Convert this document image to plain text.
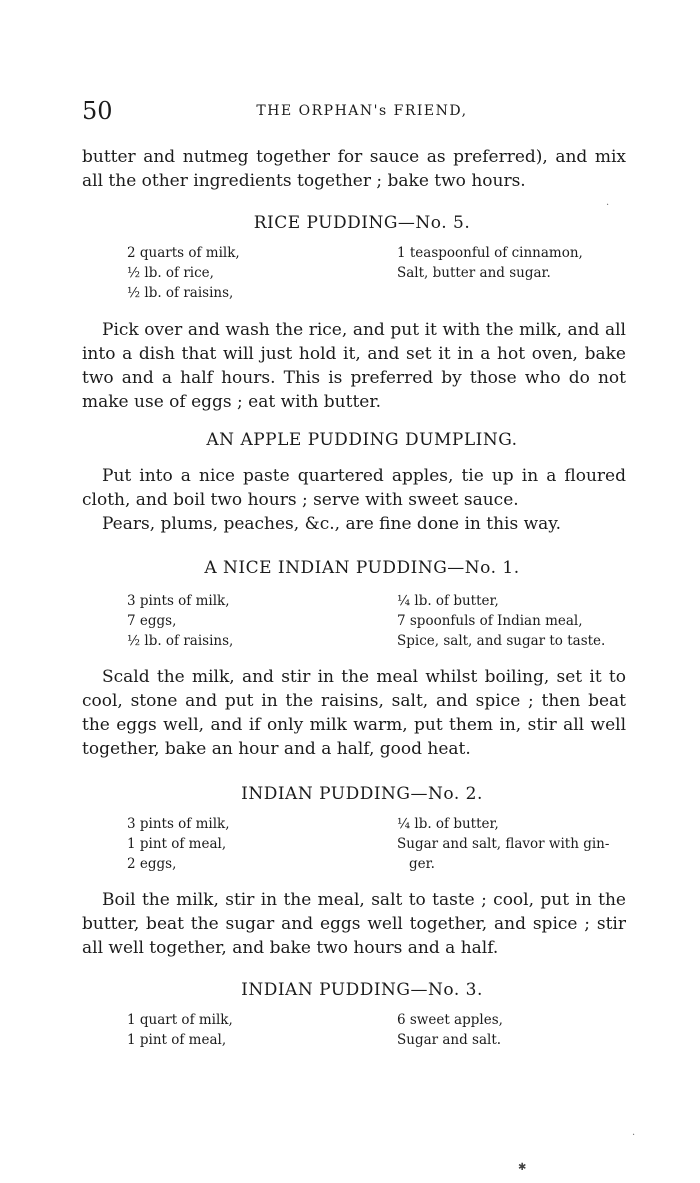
50	THE ORPHAN's FRIEND,
butter and nutmeg together for sauce as preferred), and mix all the other ingredients together ; bake two hours.
RICE PUDDING—No. 5.
2 quarts of milk,
½ lb. of rice,
½ lb. of raisins,
1 teaspoonful of cinnamon,
Salt, butter and sugar.
Pick over and wash the rice, and put it with the milk, and all into a dish that will just hold it, and set it in a hot oven, bake two and a half hours. This is preferred by those who do not make use of eggs ; eat with butter.
AN APPLE PUDDING DUMPLING.
Put into a nice paste quartered apples, tie up in a floured cloth, and boil two hours ; serve with sweet sauce.
Pears, plums, peaches, &c., are fine done in this way.
A NICE INDIAN PUDDING—No. 1.
3 pints of milk,
7 eggs,
½ lb. of raisins,
¼ lb. of butter,
7 spoonfuls of Indian meal,
Spice, salt, and sugar to taste.
Scald the milk, and stir in the meal whilst boiling, set it to cool, stone and put in the raisins, salt, and spice ; then beat the eggs well, and if only milk warm, put them in, stir all well together, bake an hour and a half, good heat.
INDIAN PUDDING—No. 2.
3 pints of milk,
1 pint of meal,
2 eggs,
¼ lb. of butter,
Sugar and salt, flavor with gin-
ger.
Boil the milk, stir in the meal, salt to taste ; cool, put in the butter, beat the sugar and eggs well together, and spice ; stir all well together, and bake two hours and a half.
INDIAN PUDDING—No. 3.
1 quart of milk,
1 pint of meal,
6 sweet apples,
Sugar and salt.
·
·
✱
